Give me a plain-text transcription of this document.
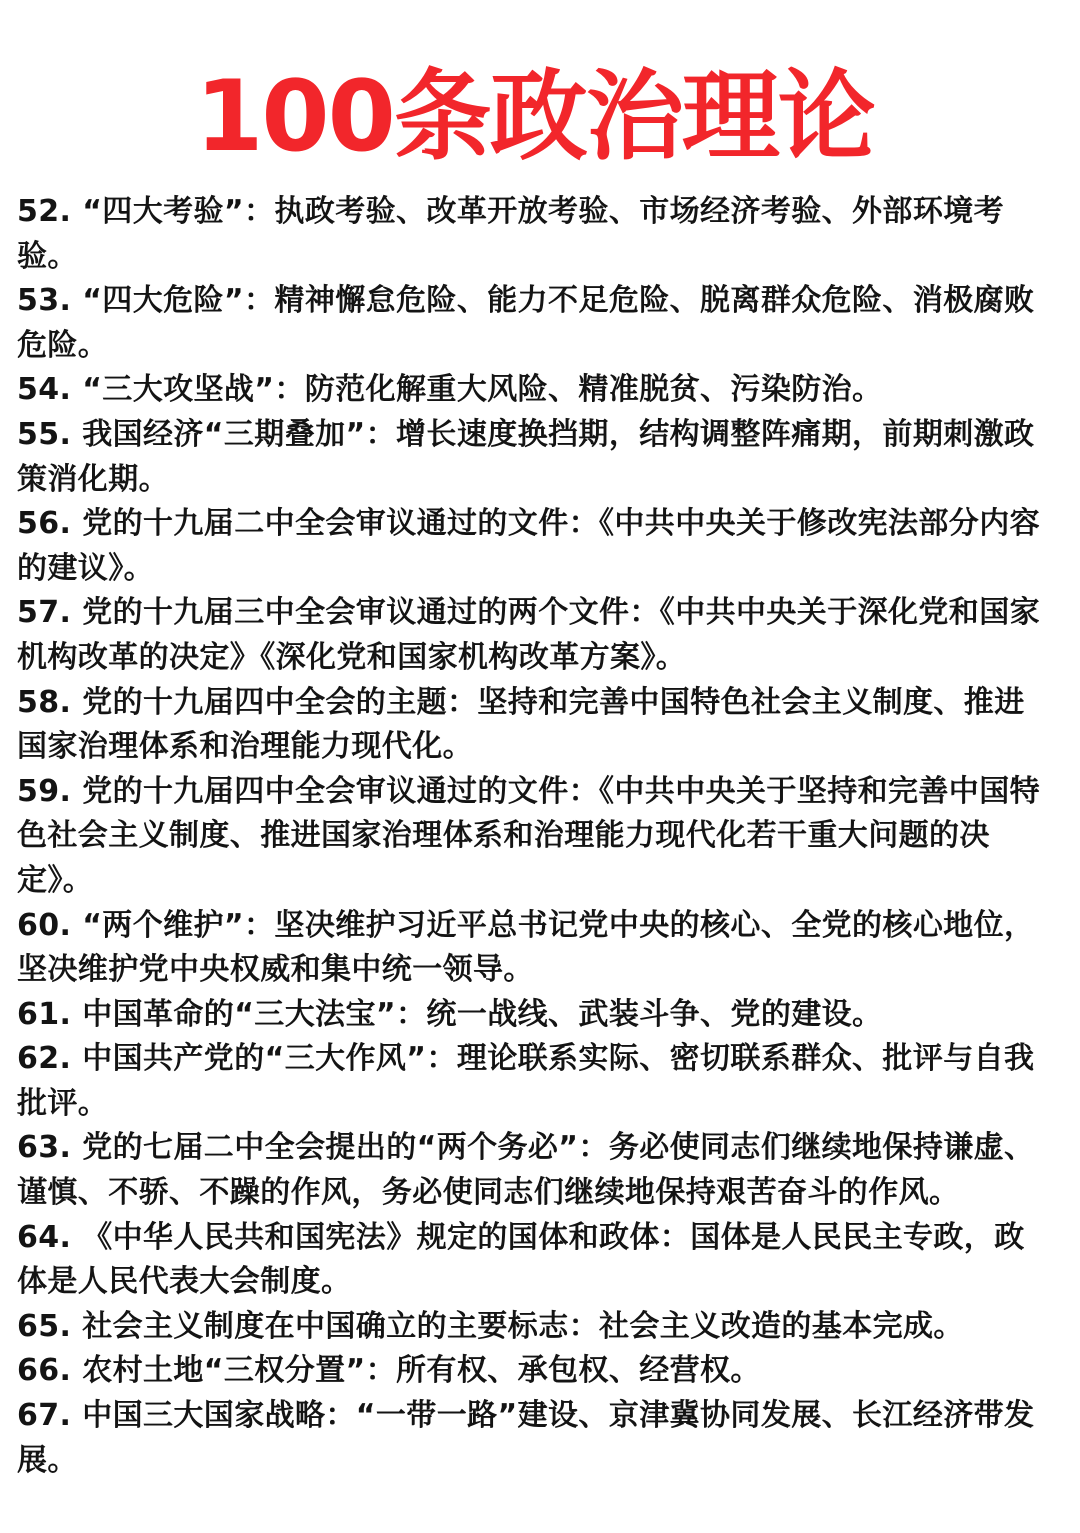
100条政治理论
52. “四大考验”：执政考验、改革开放考验、市场经济考验、外部环境考验。
53. “四大危险”：精神懈怠危险、能力不足危险、脱离群众危险、消极腐败危险。
54. “三大攻坚战”：防范化解重大风险、精准脱贫、污染防治。
55. 我国经济“三期叠加”：增长速度换挡期，结构调整阵痛期，前期刺激政策消化期。
56. 党的十九届二中全会审议通过的文件：《中共中央关于修改宪法部分内容的建议》。
57. 党的十九届三中全会审议通过的两个文件：《中共中央关于深化党和国家机构改革的决定》《深化党和国家机构改革方案》。
58. 党的十九届四中全会的主题：坚持和完善中国特色社会主义制度、推进国家治理体系和治理能力现代化。
59. 党的十九届四中全会审议通过的文件：《中共中央关于坚持和完善中国特色社会主义制度、推进国家治理体系和治理能力现代化若干重大问题的决定》。
60. “两个维护”：坚决维护习近平总书记党中央的核心、全党的核心地位，坚决维护党中央权威和集中统一领导。
61. 中国革命的“三大法宝”：统一战线、武装斗争、党的建设。
62. 中国共产党的“三大作风”：理论联系实际、密切联系群众、批评与自我批评。
63. 党的七届二中全会提出的“两个务必”：务必使同志们继续地保持谦虚、谨慎、不骄、不躁的作风，务必使同志们继续地保持艰苦奋斗的作风。
64. 《中华人民共和国宪法》规定的国体和政体：国体是人民民主专政，政体是人民代表大会制度。
65. 社会主义制度在中国确立的主要标志：社会主义改造的基本完成。
66. 农村土地“三权分置”：所有权、承包权、经营权。
67. 中国三大国家战略：“一带一路”建设、京津冀协同发展、长江经济带发展。
